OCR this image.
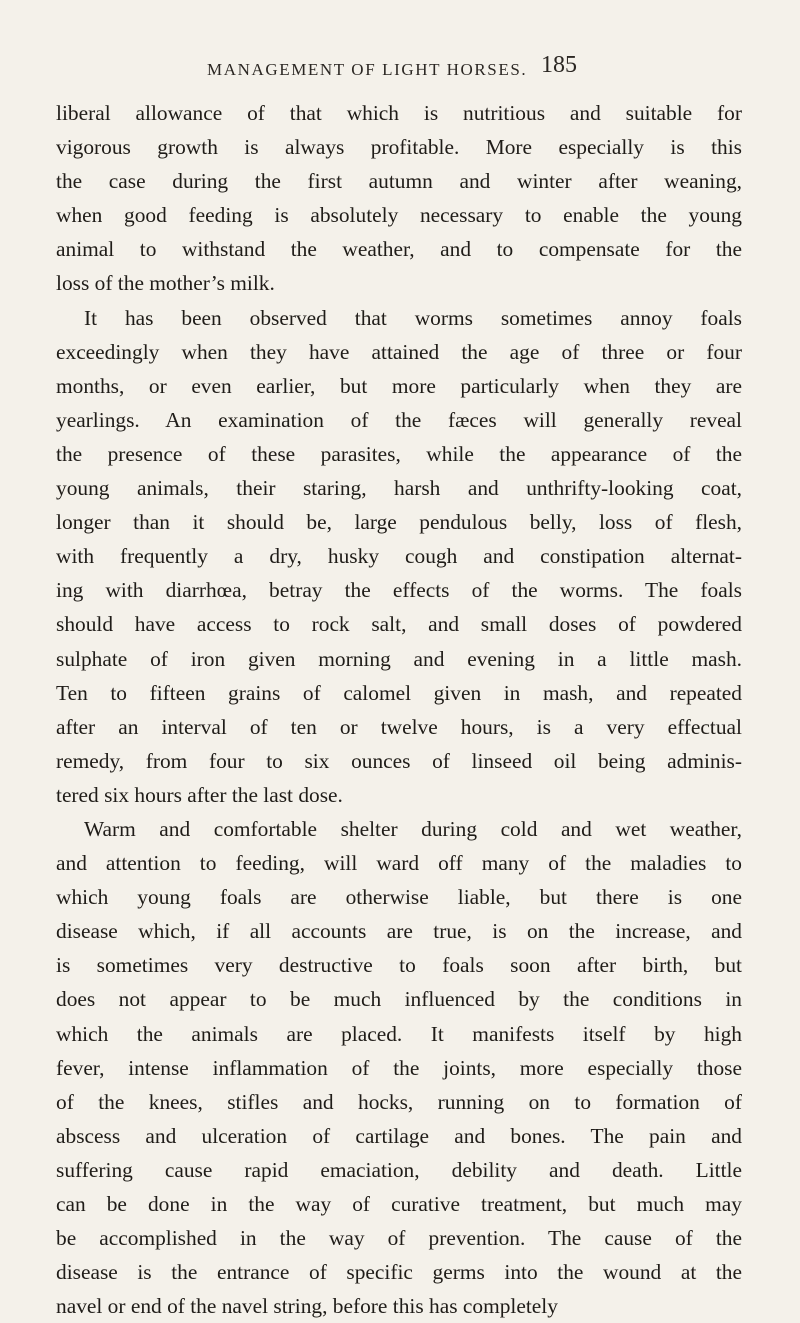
MANAGEMENT OF LIGHT HORSES. 185

liberal allowance of that which is nutritious and suitable for
vigorous growth is always profitable. More especially is this
the case during the first autumn and winter after weaning,
when good feeding is absolutely necessary to enable the young
animal to withstand the weather, and to compensate for the
loss of the mother’s milk.

It has been observed that worms sometimes annoy foals
exceedingly when they have attained the age of three or four
months, or even earlier, but more particularly when they are
yearlings. An examination of the fæces will generally reveal
the presence of these parasites, while the appearance of the
young animals, their staring, harsh and unthrifty-looking coat,
longer than it should be, large pendulous belly, loss of flesh,
with frequently a dry, husky cough and constipation alternat-
ing with diarrhœa, betray the effects of the worms. The foals
should have access to rock salt, and small doses of powdered
sulphate of iron given morning and evening in a little mash.
Ten to fifteen grains of calomel given in mash, and repeated
after an interval of ten or twelve hours, is a very effectual
remedy, from four to six ounces of linseed oil being adminis-
tered six hours after the last dose.

Warm and comfortable shelter during cold and wet weather,
and attention to feeding, will ward off many of the maladies to
which young foals are otherwise liable, but there is one
disease which, if all accounts are true, is on the increase, and
is sometimes very destructive to foals soon after birth, but
does not appear to be much influenced by the conditions in
which the animals are placed. It manifests itself by high
fever, intense inflammation of the joints, more especially those
of the knees, stifles and hocks, running on to formation of
abscess and ulceration of cartilage and bones. The pain and
suffering cause rapid emaciation, debility and death. Little
can be done in the way of curative treatment, but much may
be accomplished in the way of prevention. The cause of the
disease is the entrance of specific germs into the wound at the
navel or end of the navel string, before this has completely
